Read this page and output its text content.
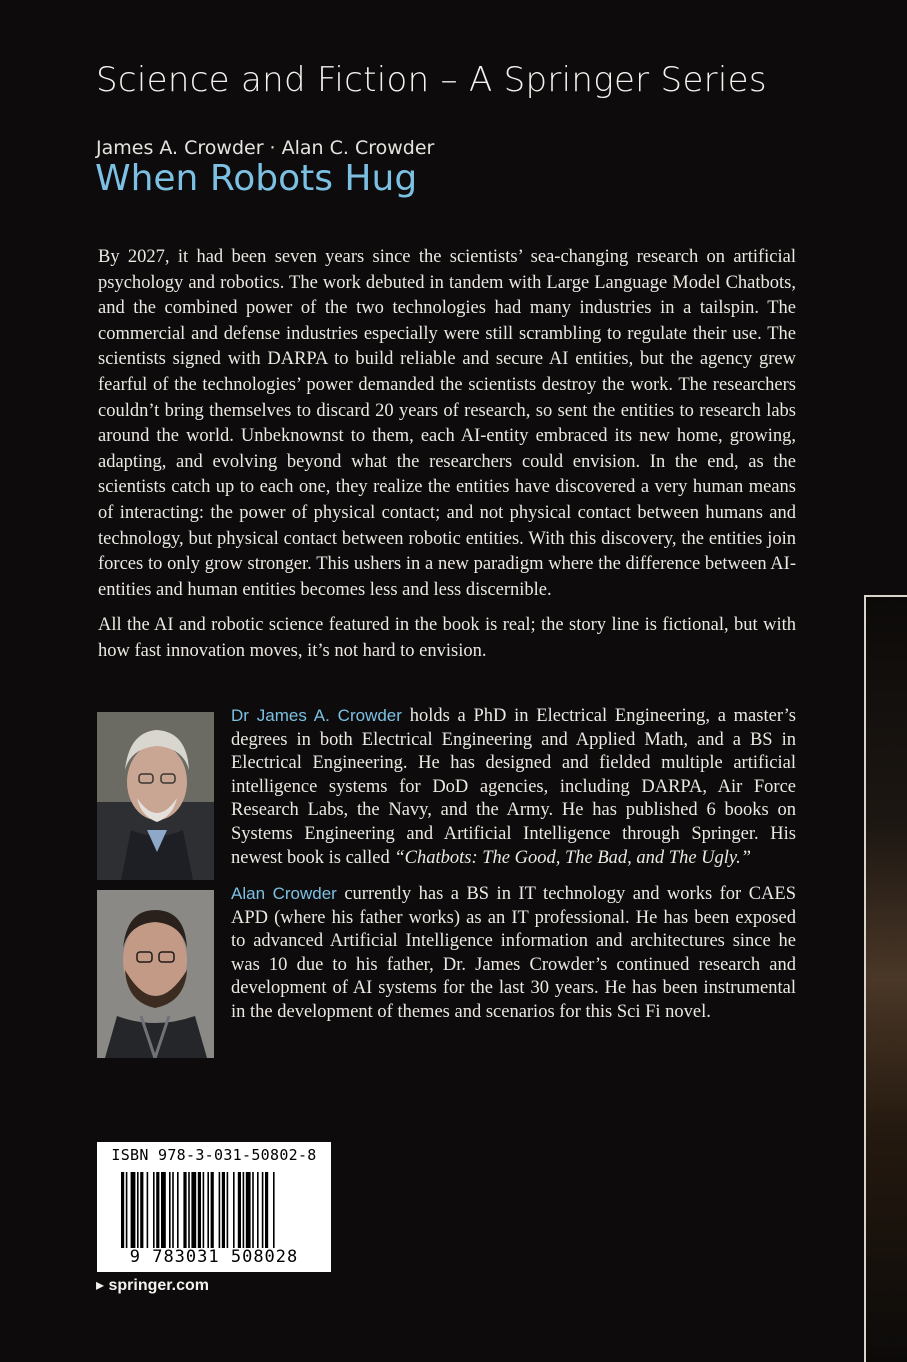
Science and Fiction – A Springer Series
James A. Crowder · Alan C. Crowder
When Robots Hug

By 2027, it had been seven years since the scientists’ sea-changing research on artificial psychology and robotics. The work debuted in tandem with Large Language Model Chatbots, and the combined power of the two technologies had many industries in a tailspin. The commercial and defense industries especially were still scrambling to regulate their use. The scientists signed with DARPA to build reliable and secure AI entities, but the agency grew fearful of the technologies’ power demanded the scientists destroy the work. The researchers couldn’t bring themselves to discard 20 years of research, so sent the entities to research labs around the world. Unbeknownst to them, each AI-entity embraced its new home, growing, adapting, and evolving beyond what the researchers could envision. In the end, as the scientists catch up to each one, they realize the entities have discovered a very human means of interacting: the power of physical contact; and not physical contact between humans and technology, but physical contact between robotic entities. With this discovery, the entities join forces to only grow stronger. This ushers in a new paradigm where the difference between AI-entities and human entities becomes less and less discernible.

All the AI and robotic science featured in the book is real; the story line is fictional, but with how fast innovation moves, it’s not hard to envision.

Dr James A. Crowder holds a PhD in Electrical Engineering, a master’s degrees in both Electrical Engineering and Applied Math, and a BS in Electrical Engineering. He has designed and fielded multiple artificial intelligence systems for DoD agencies, including DARPA, Air Force Research Labs, the Navy, and the Army. He has published 6 books on Systems Engineering and Artificial Intelligence through Springer. His newest book is called “Chatbots: The Good, The Bad, and The Ugly.”
Alan Crowder currently has a BS in IT technology and works for CAES APD (where his father works) as an IT professional. He has been exposed to advanced Artificial Intelligence information and architectures since he was 10 due to his father, Dr. James Crowder’s continued research and development of AI systems for the last 30 years. He has been instrumental in the development of themes and scenarios for this Sci Fi novel.
ISBN 978-3-031-50802-8
9 783031 508028
▸ springer.com
